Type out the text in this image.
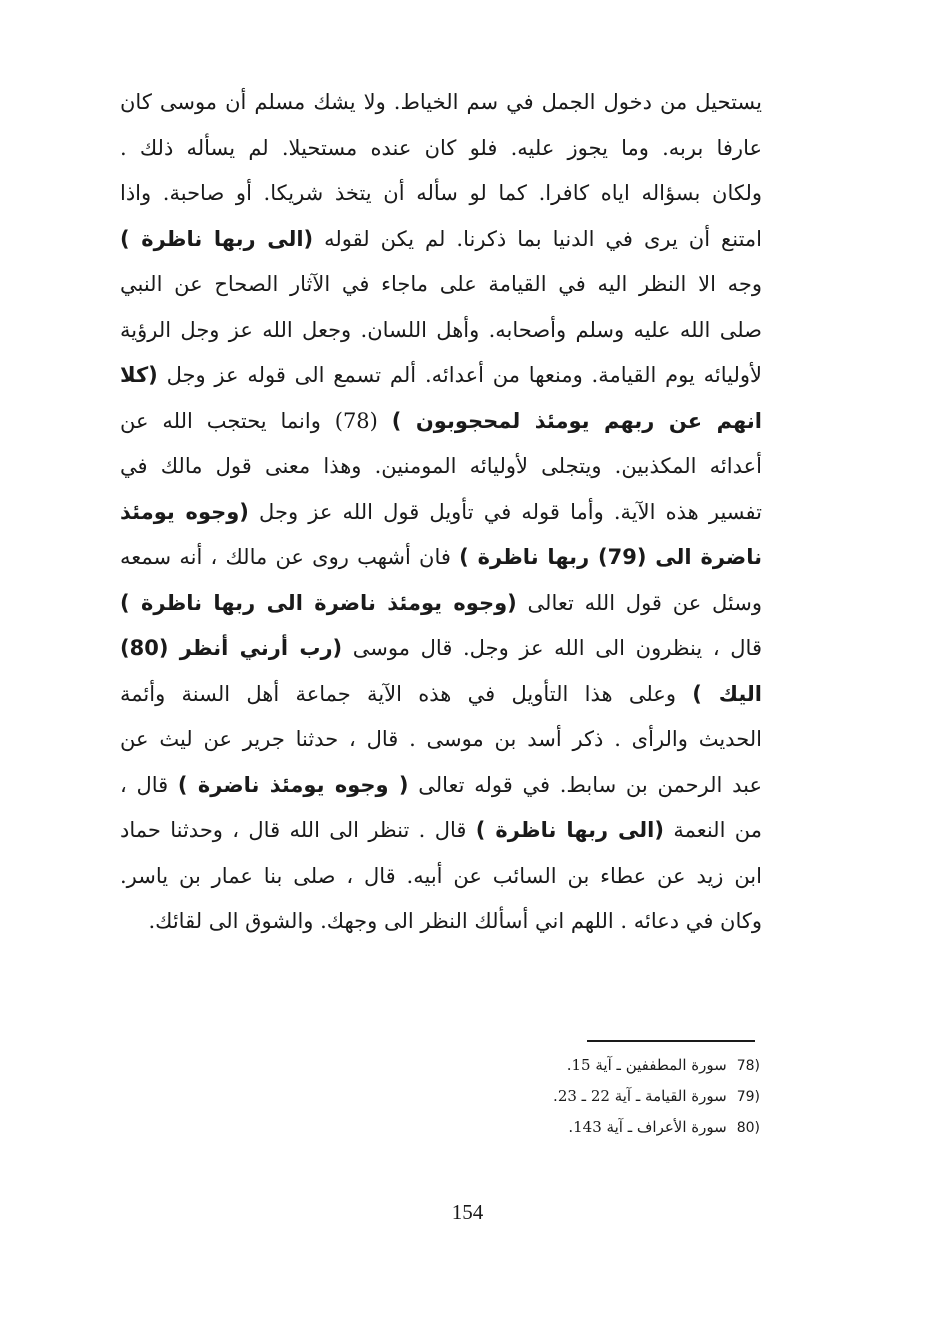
يستحيل من دخول الجمل في سم الخياط. ولا يشك مسلم أن موسى كان
عارفا بربه. وما يجوز عليه. فلو كان عنده مستحيلا. لم يسأله ذلك .
ولكان بسؤاله اياه كافرا. كما لو سأله أن يتخذ شريكا. أو صاحبة. واذا
امتنع أن يرى في الدنيا بما ذكرنا. لم يكن لقوله (الى ربها ناظرة )
وجه الا النظر اليه في القيامة على ماجاء في الآثار الصحاح عن النبي
صلى الله عليه وسلم وأصحابه. وأهل اللسان. وجعل الله عز وجل الرؤية
لأوليائه يوم القيامة. ومنعها من أعدائه. ألم تسمع الى قوله عز وجل (كلا
انهم عن ربهم يومئذ لمحجوبون ) (78) وانما يحتجب الله عن
أعدائه المكذبين. ويتجلى لأوليائه المومنين. وهذا معنى قول مالك في
تفسير هذه الآية. وأما قوله في تأويل قول الله عز وجل (وجوه يومئذ
ناضرة الى (79) ربها ناظرة ) فان أشهب روى عن مالك ، أنه سمعه
وسئل عن قول الله تعالى (وجوه يومئذ ناضرة الى ربها ناظرة )
قال ، ينظرون الى الله عز وجل. قال موسى (رب أرني أنظر (80)
اليك ) وعلى هذا التأويل في هذه الآية جماعة أهل السنة وأئمة
الحديث والرأى . ذكر أسد بن موسى . قال ، حدثنا جرير عن ليث عن
عبد الرحمن بن سابط. في قوله تعالى ( وجوه يومئذ ناضرة ) قال ،
من النعمة (الى ربها ناظرة ) قال . تنظر الى الله قال ، وحدثنا حماد
ابن زيد عن عطاء بن السائب عن أبيه. قال ، صلى بنا عمار بن ياسر.
وكان في دعائه . اللهم اني أسألك النظر الى وجهك. والشوق الى لقائك.
78)سورة المطففين ـ آية 15.
79)سورة القيامة ـ آية 22 ـ 23.
80)سورة الأعراف ـ آية 143.
154
